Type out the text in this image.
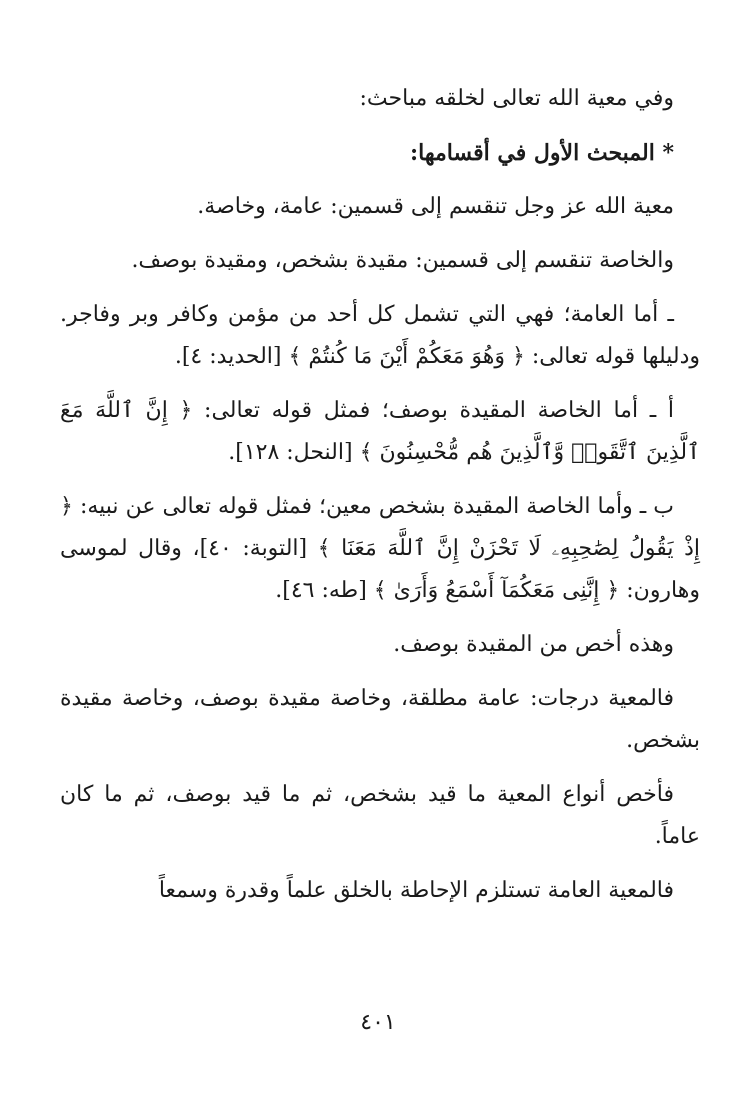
وفي معية الله تعالى لخلقه مباحث:

* المبحث الأول في أقسامها:

معية الله عز وجل تنقسم إلى قسمين: عامة، وخاصة.

والخاصة تنقسم إلى قسمين: مقيدة بشخص، ومقيدة بوصف.

ـ أما العامة؛ فهي التي تشمل كل أحد من مؤمن وكافر وبر وفاجر. ودليلها قوله تعالى: ﴿ وَهُوَ مَعَكُمْ أَيْنَ مَا كُنتُمْ ﴾ [الحديد: ٤].

أ ـ أما الخاصة المقيدة بوصف؛ فمثل قوله تعالى: ﴿ إِنَّ ٱللَّهَ مَعَ ٱلَّذِينَ ٱتَّقَوا۟ وَّٱلَّذِينَ هُم مُّحْسِنُونَ ﴾ [النحل: ١٢٨].

ب ـ وأما الخاصة المقيدة بشخص معين؛ فمثل قوله تعالى عن نبيه: ﴿ إِذْ يَقُولُ لِصَٰحِبِهِۦ لَا تَحْزَنْ إِنَّ ٱللَّهَ مَعَنَا ﴾ [التوبة: ٤٠]، وقال لموسى وهارون: ﴿ إِنَّنِى مَعَكُمَآ أَسْمَعُ وَأَرَىٰ ﴾ [طه: ٤٦].

وهذه أخص من المقيدة بوصف.

فالمعية درجات: عامة مطلقة، وخاصة مقيدة بوصف، وخاصة مقيدة بشخص.

فأخص أنواع المعية ما قيد بشخص، ثم ما قيد بوصف، ثم ما كان عاماً.

فالمعية العامة تستلزم الإحاطة بالخلق علماً وقدرة وسمعاً

٤٠١
